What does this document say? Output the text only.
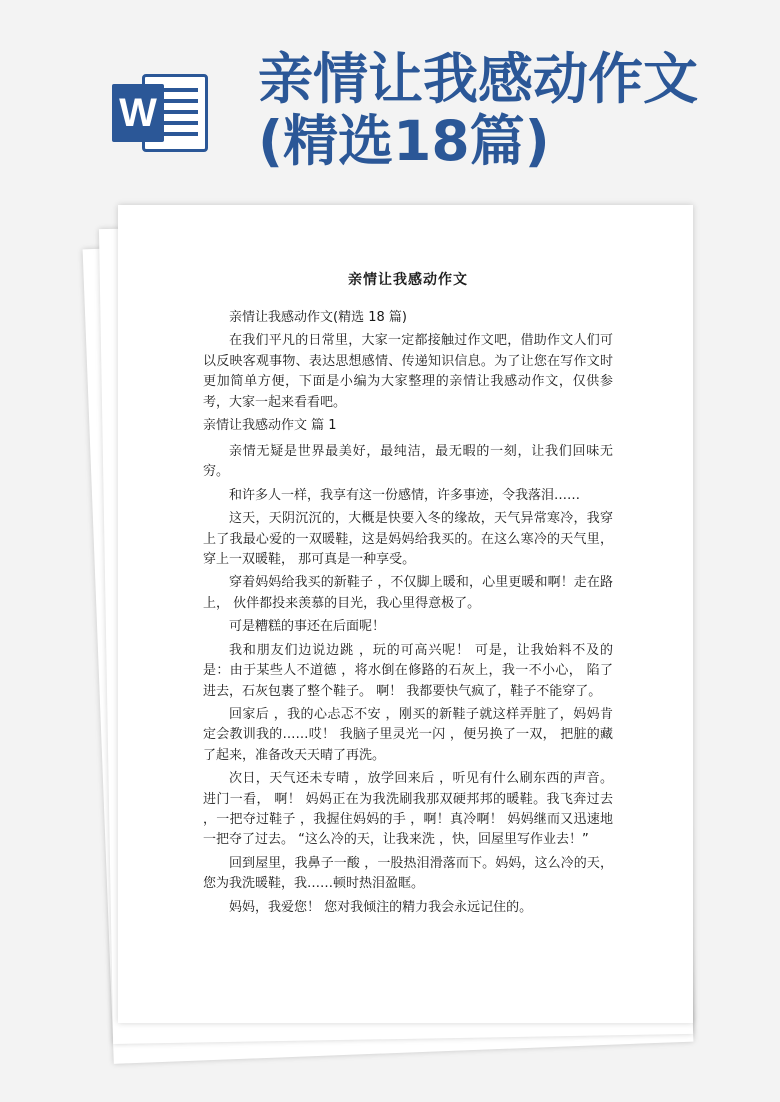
W
亲情让我感动作文
(精选18篇)
亲情让我感动作文

亲情让我感动作文(精选 18 篇)

在我们平凡的日常里，大家一定都接触过作文吧，借助作文人们可以反映客观事物、表达思想感情、传递知识信息。为了让您在写作文时更加简单方便，下面是小编为大家整理的亲情让我感动作文，仅供参考，大家一起来看看吧。

亲情让我感动作文 篇 1

亲情无疑是世界最美好，最纯洁，最无暇的一刻，让我们回味无穷。

和许多人一样，我享有这一份感情，许多事迹，令我落泪……

这天，天阴沉沉的，大概是快要入冬的缘故，天气异常寒冷，我穿上了我最心爱的一双暖鞋，这是妈妈给我买的。在这么寒冷的天气里，穿上一双暖鞋， 那可真是一种享受。

穿着妈妈给我买的新鞋子 ，不仅脚上暖和，心里更暖和啊！走在路上， 伙伴都投来羡慕的目光，我心里得意极了。

可是糟糕的事还在后面呢！

我和朋友们边说边跳 ，玩的可高兴呢！ 可是，让我始料不及的是：由于某些人不道德 ，将水倒在修路的石灰上，我一不小心， 陷了进去，石灰包裹了整个鞋子。 啊！ 我都要快气疯了，鞋子不能穿了。

回家后 ，我的心忐忑不安 ，刚买的新鞋子就这样弄脏了，妈妈肯定会教训我的……哎！ 我脑子里灵光一闪 ，便另换了一双， 把脏的藏了起来，准备改天天晴了再洗。

次日，天气还未专晴 ，放学回来后 ，听见有什么刷东西的声音。进门一看， 啊！ 妈妈正在为我洗刷我那双硬邦邦的暖鞋。我飞奔过去 ，一把夺过鞋子 ，我握住妈妈的手 ，啊！真冷啊！ 妈妈继而又迅速地一把夺了过去。 “这么冷的天，让我来洗 ，快，回屋里写作业去！”

回到屋里，我鼻子一酸 ，一股热泪滑落而下。妈妈，这么冷的天，您为我洗暖鞋，我……顿时热泪盈眶。

妈妈，我爱您！ 您对我倾注的精力我会永远记住的。
